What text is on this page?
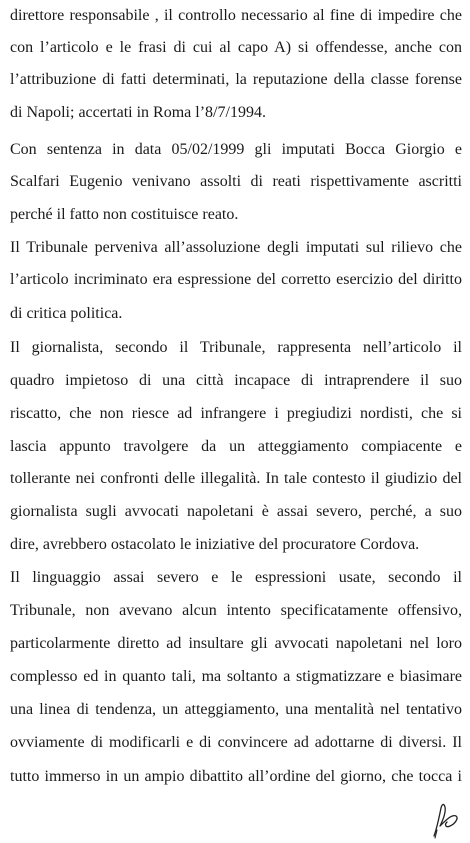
direttore responsabile , il controllo necessario al fine di impedire che
con l’articolo e le frasi di cui al capo A) si offendesse, anche con
l’attribuzione di fatti determinati, la reputazione della classe forense
di Napoli; accertati in Roma l’8/7/1994.
Con sentenza in data 05/02/1999 gli imputati Bocca Giorgio e
Scalfari Eugenio venivano assolti di reati rispettivamente ascritti
perché il fatto non costituisce reato.
Il Tribunale perveniva all’assoluzione degli imputati sul rilievo che
l’articolo incriminato era espressione del corretto esercizio del diritto
di critica politica.
Il giornalista, secondo il Tribunale, rappresenta nell’articolo il
quadro impietoso di una città incapace di intraprendere il suo
riscatto, che non riesce ad infrangere i pregiudizi nordisti, che si
lascia appunto travolgere da un atteggiamento compiacente e
tollerante nei confronti delle illegalità. In tale contesto il giudizio del
giornalista sugli avvocati napoletani è assai severo, perché, a suo
dire, avrebbero ostacolato le iniziative del procuratore Cordova.
Il linguaggio assai severo e le espressioni usate, secondo il
Tribunale, non avevano alcun intento specificatamente offensivo,
particolarmente diretto ad insultare gli avvocati napoletani nel loro
complesso ed in quanto tali, ma soltanto a stigmatizzare e biasimare
una linea di tendenza, un atteggiamento, una mentalità nel tentativo
ovviamente di modificarli e di convincere ad adottarne di diversi. Il
tutto immerso in un ampio dibattito all’ordine del giorno, che tocca i
